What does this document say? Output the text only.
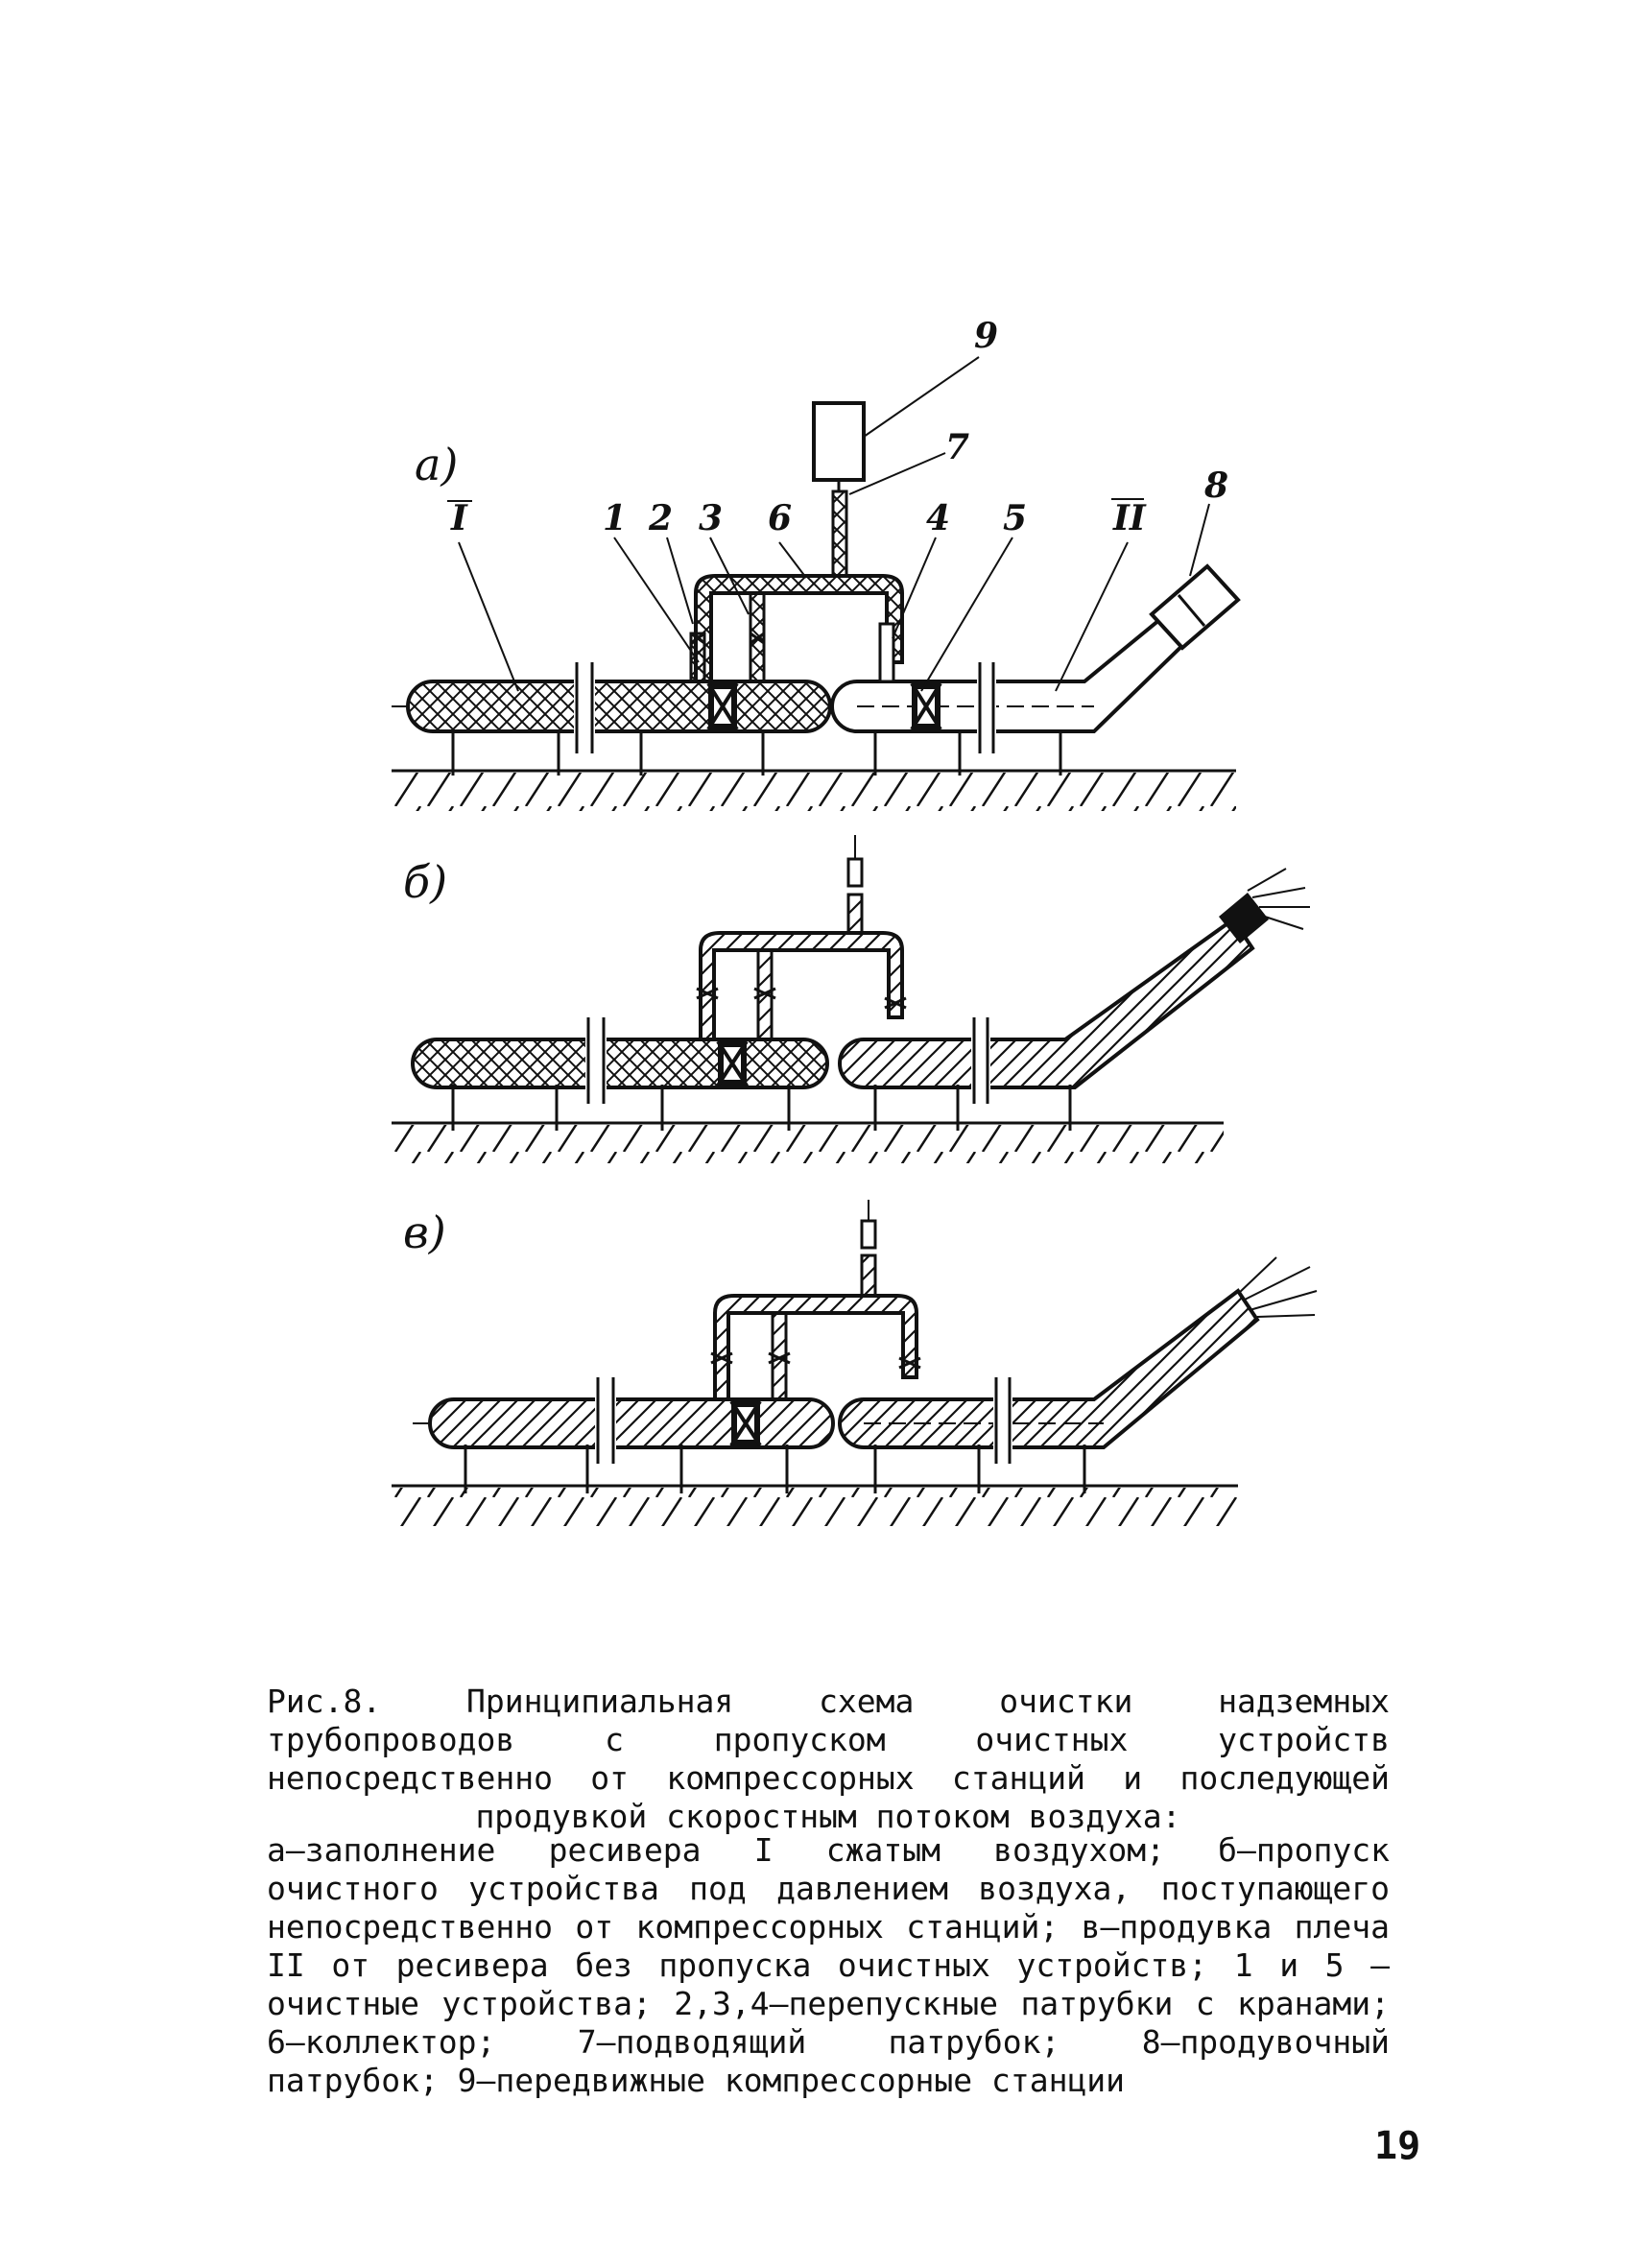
а)
I	1 2 3 6	4 5 II
8
7
9
б)
в)
Рис.8. Принципиальная схема очистки надземных трубопроводов с пропуском очистных устройств непосредственно от компрессорных станций и последующей продувкой скоростным потоком воздуха:
а–заполнение ресивера I сжатым воздухом; б–пропуск очистного устройства под давлением воздуха, поступающего непосредственно от компрессорных станций; в–продувка плеча II от ресивера без пропуска очистных устройств; 1 и 5 – очистные устройства; 2,3,4–перепускные патрубки с кранами; 6–коллектор; 7–подводящий патрубок; 8–продувочный патрубок; 9–передвижные компрессорные станции
19
